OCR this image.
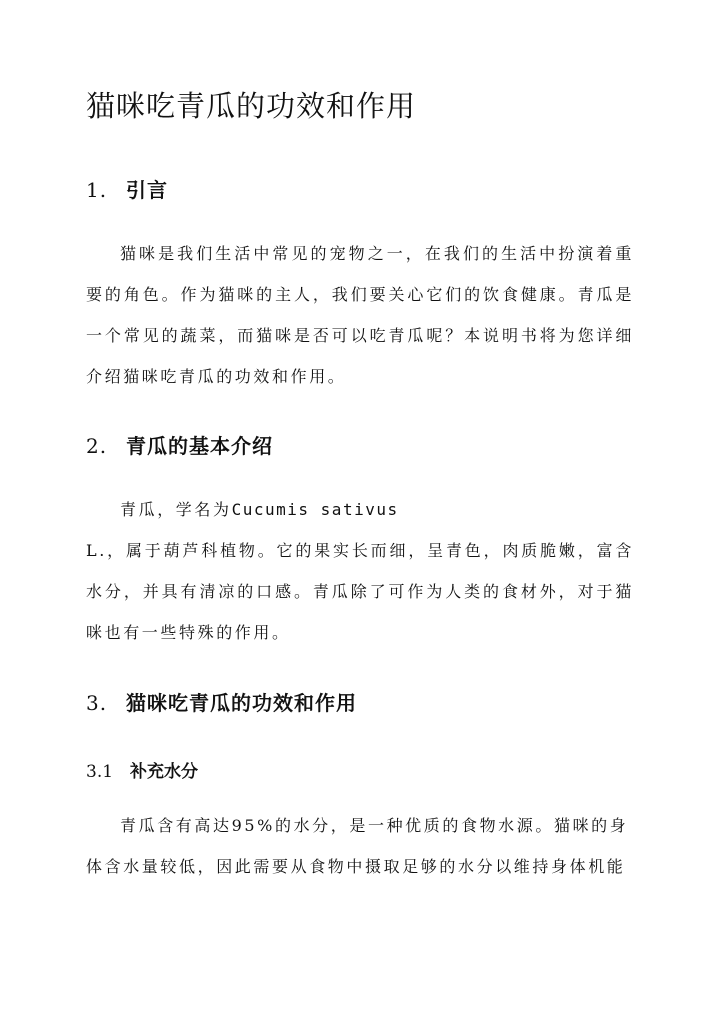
猫咪吃青瓜的功效和作用
1. 引言

猫咪是我们生活中常见的宠物之一，在我们的生活中扮演着重要的角色。作为猫咪的主人，我们要关心它们的饮食健康。青瓜是一个常见的蔬菜，而猫咪是否可以吃青瓜呢？本说明书将为您详细介绍猫咪吃青瓜的功效和作用。

2. 青瓜的基本介绍
青瓜，学名为Cucumis sativus

L.，属于葫芦科植物。它的果实长而细，呈青色，肉质脆嫩，富含水分，并具有清凉的口感。青瓜除了可作为人类的食材外，对于猫咪也有一些特殊的作用。

3. 猫咪吃青瓜的功效和作用
3.1 补充水分
青瓜含有高达95%的水分，是一种优质的食物水源。猫咪的身
体含水量较低，因此需要从食物中摄取足够的水分以维持身体机能
